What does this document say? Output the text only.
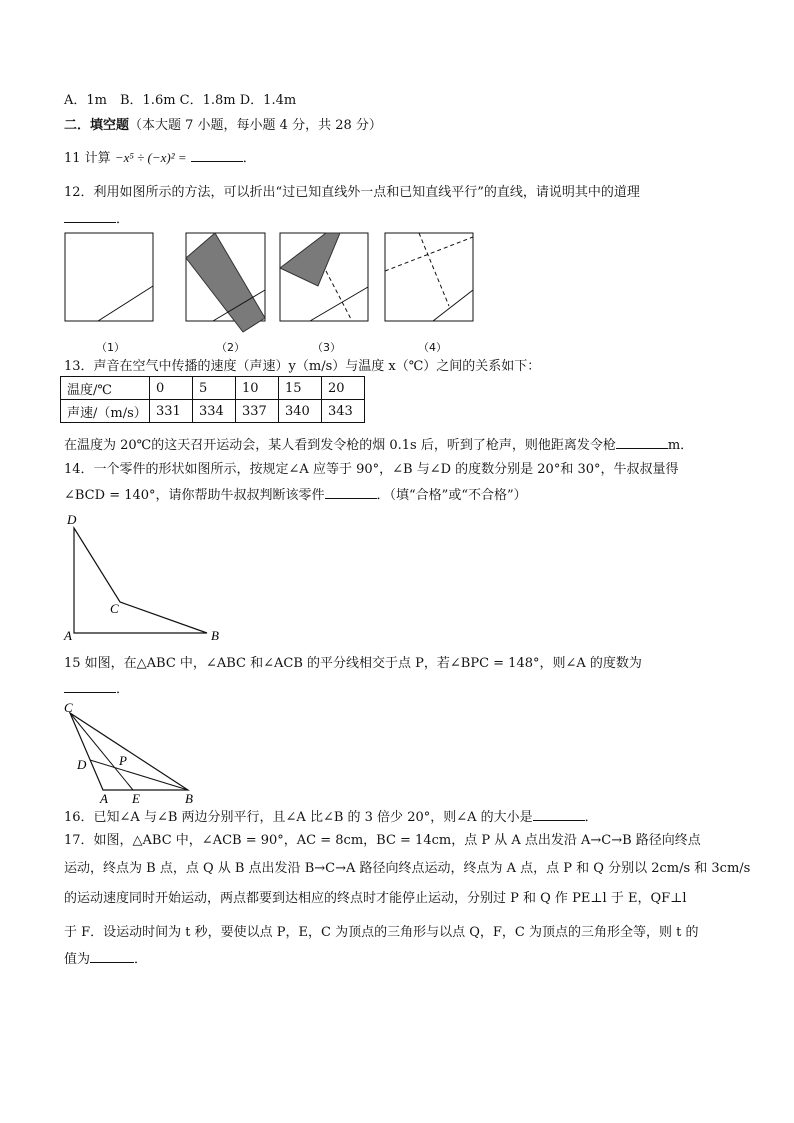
A．1m　B．1.6m C．1.8m D．1.4m
二．填空题（本大题 7 小题，每小题 4 分，共 28 分）
11 计算 −x⁵ ÷ (−x)² =	．
12．利用如图所示的方法，可以折出“过已知直线外一点和已知直线平行”的直线，请说明其中的道理
．
（1）	（2）	（3）	（4）
13．声音在空气中传播的速度（声速）y（m/s）与温度 x（℃）之间的关系如下：
温度/℃	0	5	10	15	20
声速/（m/s）	331	334	337	340	343
在温度为 20℃的这天召开运动会，某人看到发令枪的烟 0.1s 后，听到了枪声，则他距离发令枪	m．
14．一个零件的形状如图所示，按规定∠A 应等于 90°，∠B 与∠D 的度数分别是 20°和 30°，牛叔叔量得
∠BCD = 140°，请你帮助牛叔叔判断该零件	．（填“合格”或“不合格”）
D
C
A	B
15 如图，在△ABC 中，∠ABC 和∠ACB 的平分线相交于点 P，若∠BPC = 148°，则∠A 的度数为
．
C
D	P
A E	B
16．已知∠A 与∠B 两边分别平行，且∠A 比∠B 的 3 倍少 20°，则∠A 的大小是	．
17．如图，△ABC 中，∠ACB = 90°，AC = 8cm，BC = 14cm，点 P 从 A 点出发沿 A→C→B 路径向终点
运动，终点为 B 点，点 Q 从 B 点出发沿 B→C→A 路径向终点运动，终点为 A 点，点 P 和 Q 分别以 2cm/s 和 3cm/s
的运动速度同时开始运动，两点都要到达相应的终点时才能停止运动，分别过 P 和 Q 作 PE⊥l 于 E，QF⊥l
于 F．设运动时间为 t 秒，要使以点 P，E，C 为顶点的三角形与以点 Q，F，C 为顶点的三角形全等，则 t 的
值为	．
